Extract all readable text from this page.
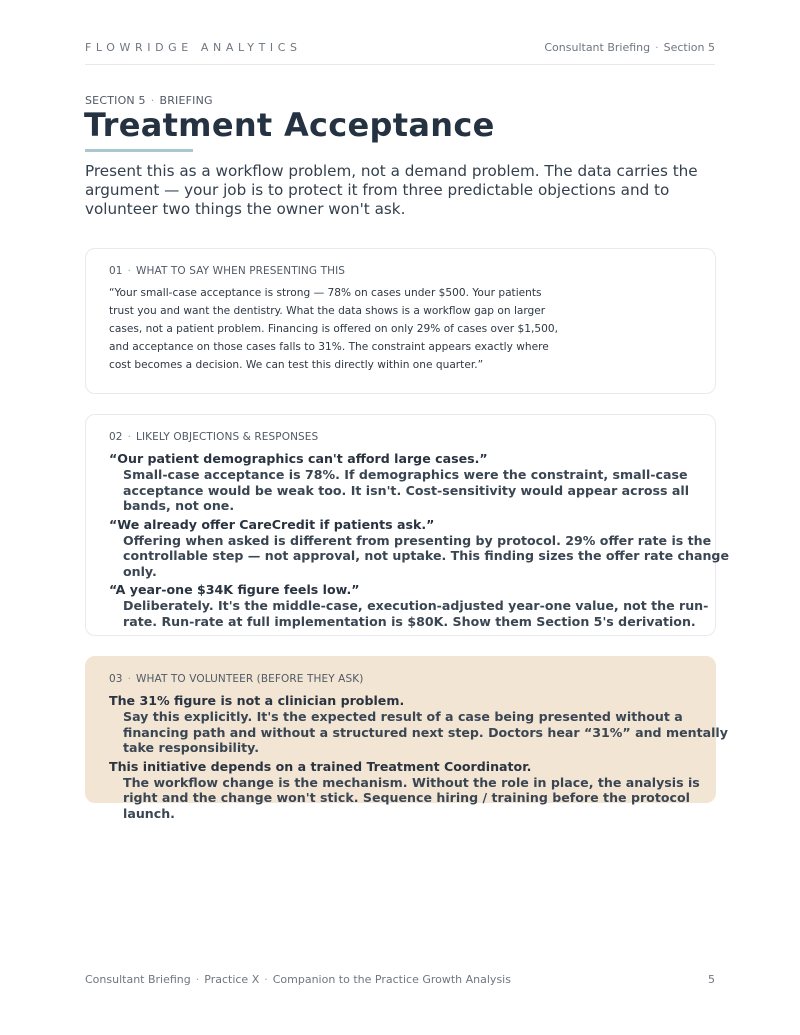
FLOWRIDGE ANALYTICS	Consultant Briefing · Section 5
SECTION 5 · BRIEFING
Treatment Acceptance

Present this as a workflow problem, not a demand problem. The data carries the argument — your job is to protect it from three predictable objections and to volunteer two things the owner won't ask.

01 · WHAT TO SAY WHEN PRESENTING THIS

“Your small-case acceptance is strong — 78% on cases under $500. Your patients trust you and want the dentistry. What the data shows is a workflow gap on larger cases, not a patient problem. Financing is offered on only 29% of cases over $1,500, and acceptance on those cases falls to 31%. The constraint appears exactly where cost becomes a decision. We can test this directly within one quarter.”

02 · LIKELY OBJECTIONS & RESPONSES
“Our patient demographics can't afford large cases.”
Small-case acceptance is 78%. If demographics were the constraint, small-case acceptance would be weak too. It isn't. Cost-sensitivity would appear across all bands, not one.
“We already offer CareCredit if patients ask.”
Offering when asked is different from presenting by protocol. 29% offer rate is the controllable step — not approval, not uptake. This finding sizes the offer rate change only.
“A year-one $34K figure feels low.”
Deliberately. It's the middle-case, execution-adjusted year-one value, not the run-rate. Run-rate at full implementation is $80K. Show them Section 5's derivation.
03 · WHAT TO VOLUNTEER (BEFORE THEY ASK)
The 31% figure is not a clinician problem.
Say this explicitly. It's the expected result of a case being presented without a financing path and without a structured next step. Doctors hear “31%” and mentally take responsibility.
This initiative depends on a trained Treatment Coordinator.
The workflow change is the mechanism. Without the role in place, the analysis is right and the change won't stick. Sequence hiring / training before the protocol launch.
Consultant Briefing · Practice X · Companion to the Practice Growth Analysis	5
